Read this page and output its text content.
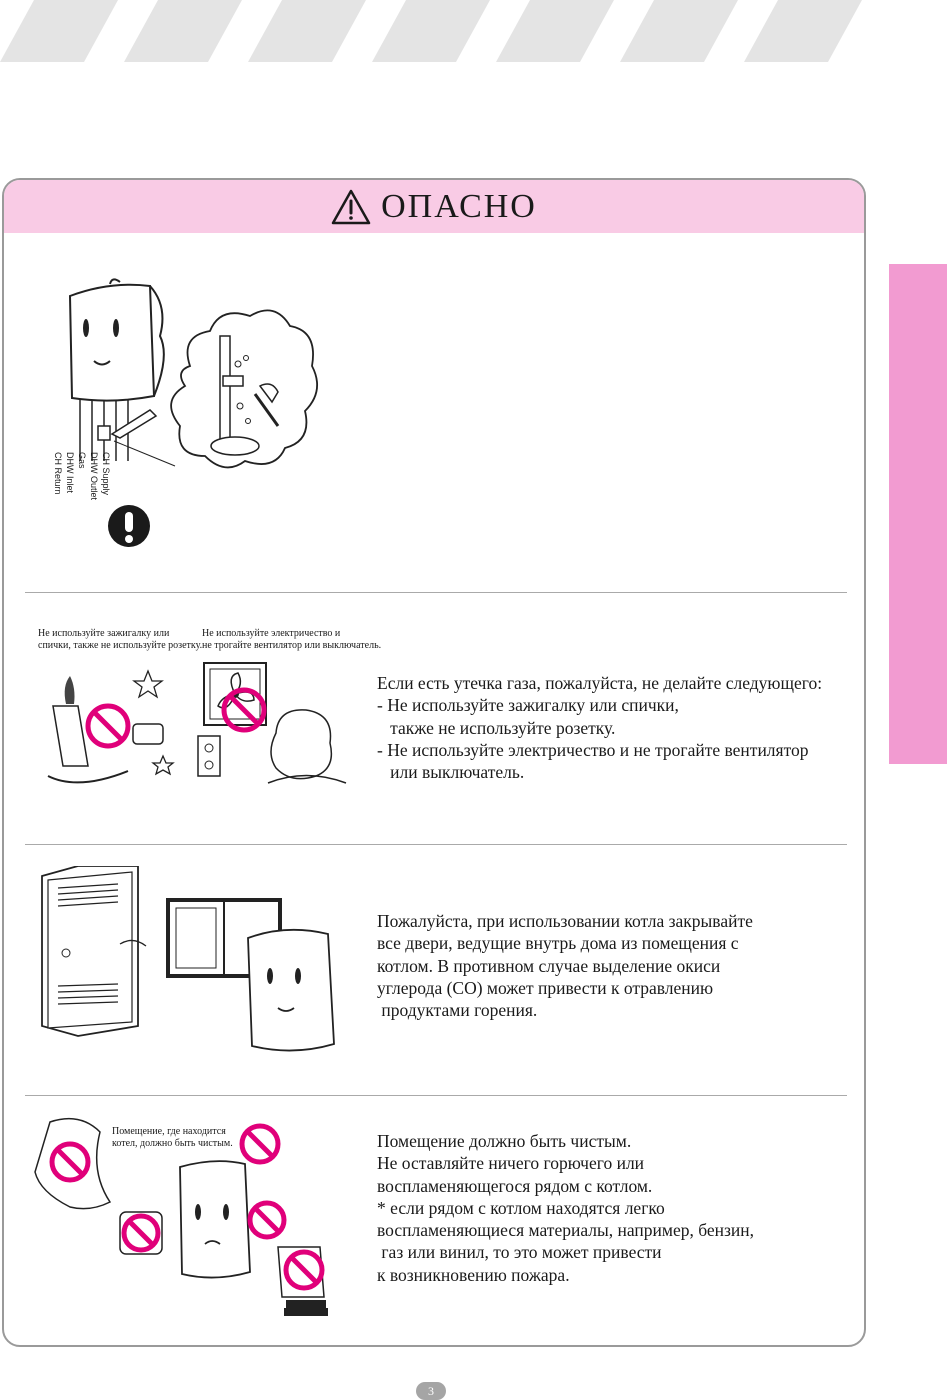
ОПАСНО
CH Return DHW Inlet Gas DHW Outlet CH Supply
Не используйте зажигалку или
спички, также не используйте розетку.
Не используйте электричество и
не трогайте вентилятор или выключатель.
Если есть утечка газа, пожалуйста, не делайте следующего:
- Не используйте зажигалку или спички,
также не используйте розетку.
- Не используйте электричество и не трогайте вентилятор
или выключатель.
Пожалуйста, при использовании котла закрывайте
все двери, ведущие внутрь дома из помещения с
котлом. В противном случае выделение окиси
углерода (CO) может привести к отравлению
продуктами горения.
Помещение, где находится
котел, должно быть чистым.	Помещение должно быть чистым.
Не оставляйте ничего горючего или
воспламеняющегося рядом с котлом.
* если рядом с котлом находятся легко
воспламеняющиеся материалы, например, бензин,
газ или винил, то это может привести
к возникновению пожара.
3
